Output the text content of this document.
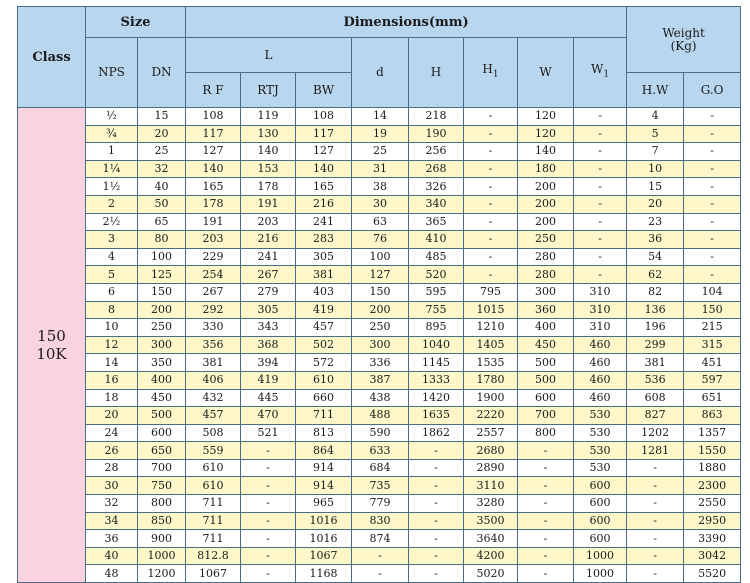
Class	Size		Dimensions(mm)								Weight
(Kg)	
	NPS	DN	L			d	H	$H_1$	W	$W_1$
			R F	RTJ	BW						H.W	G.O
150
10K	½	15	108	119	108	14	218	-	120	-	4	-
	¾	20	117	130	117	19	190	-	120	-	5	-
	1	25	127	140	127	25	256	-	140	-	7	-
	1¼	32	140	153	140	31	268	-	180	-	10	-
	1½	40	165	178	165	38	326	-	200	-	15	-
	2	50	178	191	216	30	340	-	200	-	20	-
	2½	65	191	203	241	63	365	-	200	-	23	-
	3	80	203	216	283	76	410	-	250	-	36	-
	4	100	229	241	305	100	485	-	280	-	54	-
	5	125	254	267	381	127	520	-	280	-	62	-
	6	150	267	279	403	150	595	795	300	310	82	104
	8	200	292	305	419	200	755	1015	360	310	136	150
	10	250	330	343	457	250	895	1210	400	310	196	215
	12	300	356	368	502	300	1040	1405	450	460	299	315
	14	350	381	394	572	336	1145	1535	500	460	381	451
	16	400	406	419	610	387	1333	1780	500	460	536	597
	18	450	432	445	660	438	1420	1900	600	460	608	651
	20	500	457	470	711	488	1635	2220	700	530	827	863
	24	600	508	521	813	590	1862	2557	800	530	1202	1357
	26	650	559	-	864	633	-	2680	-	530	1281	1550
	28	700	610	-	914	684	-	2890	-	530	-	1880
	30	750	610	-	914	735	-	3110	-	600	-	2300
	32	800	711	-	965	779	-	3280	-	600	-	2550
	34	850	711	-	1016	830	-	3500	-	600	-	2950
	36	900	711	-	1016	874	-	3640	-	600	-	3390
	40	1000	812.8	-	1067	-	-	4200	-	1000	-	3042
	48	1200	1067	-	1168	-	-	5020	-	1000	-	5520
